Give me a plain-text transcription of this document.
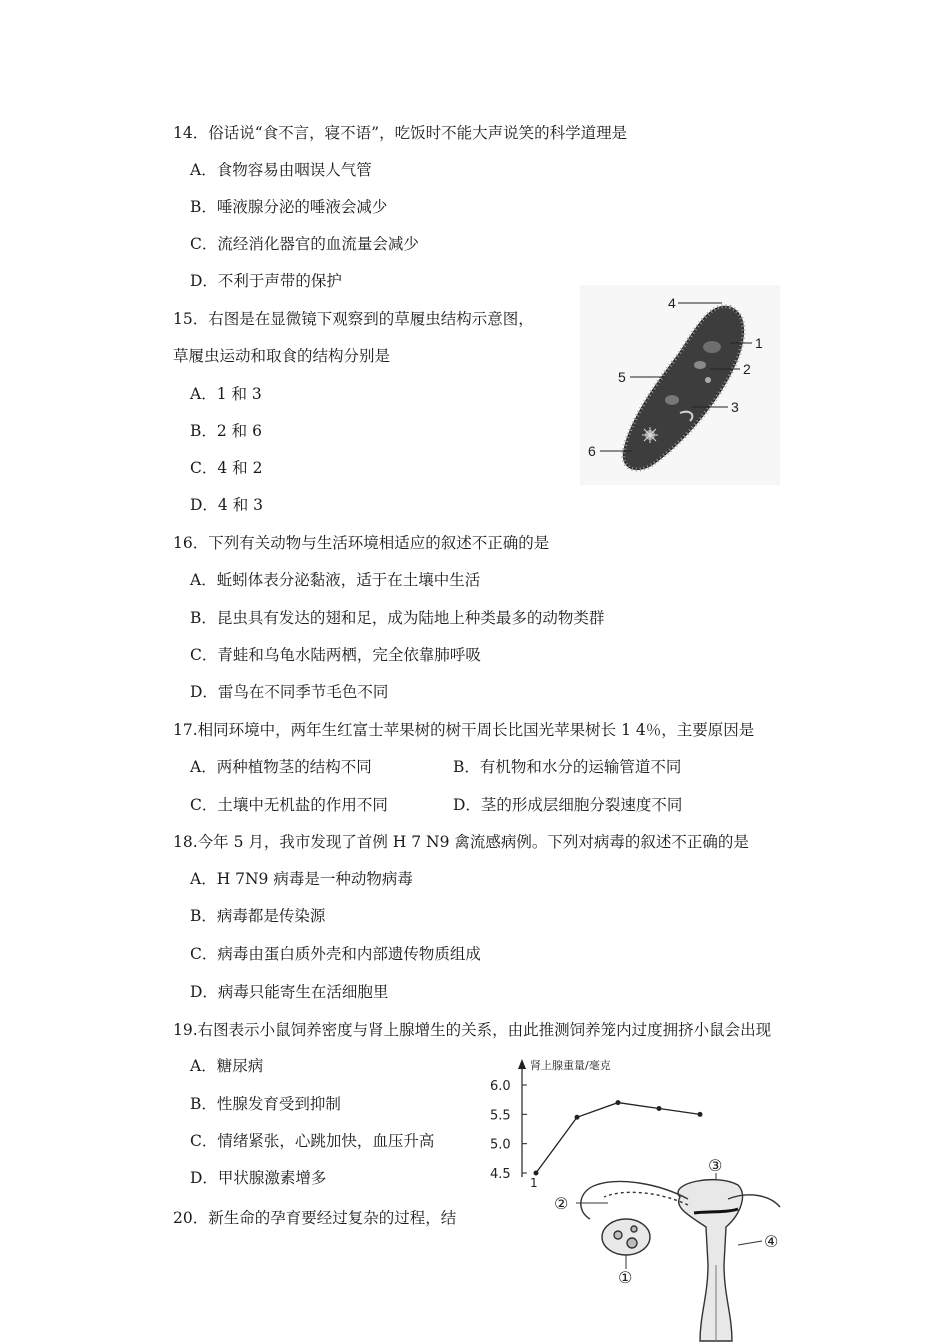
14．俗话说“食不言，寝不语”，吃饭时不能大声说笑的科学道理是
A．食物容易由咽误人气管
B．唾液腺分泌的唾液会减少
C．流经消化器官的血流量会减少
D．不利于声带的保护
15．右图是在显微镜下观察到的草履虫结构示意图，
草履虫运动和取食的结构分别是
A．1 和 3
B．2 和 6
C．4 和 2
D．4 和 3
4
1
2
3
5
6
16．下列有关动物与生活环境相适应的叙述不正确的是
A．蚯蚓体表分泌黏液，适于在土壤中生活
B．昆虫具有发达的翅和足，成为陆地上种类最多的动物类群
C．青蛙和乌龟水陆两栖，完全依靠肺呼吸
D．雷鸟在不同季节毛色不同
17.相同环境中，两年生红富士苹果树的树干周长比国光苹果树长 1 4％，主要原因是
A．两种植物茎的结构不同	B．有机物和水分的运输管道不同
C．土壤中无机盐的作用不同	D．茎的形成层细胞分裂速度不同
18.今年 5 月，我市发现了首例 H 7 N9 禽流感病例。下列对病毒的叙述不正确的是
A．H 7N9 病毒是一种动物病毒
B．病毒都是传染源
C．病毒由蛋白质外壳和内部遗传物质组成
D．病毒只能寄生在活细胞里
19.右图表示小鼠饲养密度与肾上腺增生的关系，由此推测饲养笼内过度拥挤小鼠会出现
A．糖尿病
B．性腺发育受到抑制
C．情绪紧张，心跳加快，血压升高
D．甲状腺激素增多
肾上腺重量/毫克
6.0
5.5
5.0
4.5
1
20．新生命的孕育要经过复杂的过程，结
①
②
③
④
